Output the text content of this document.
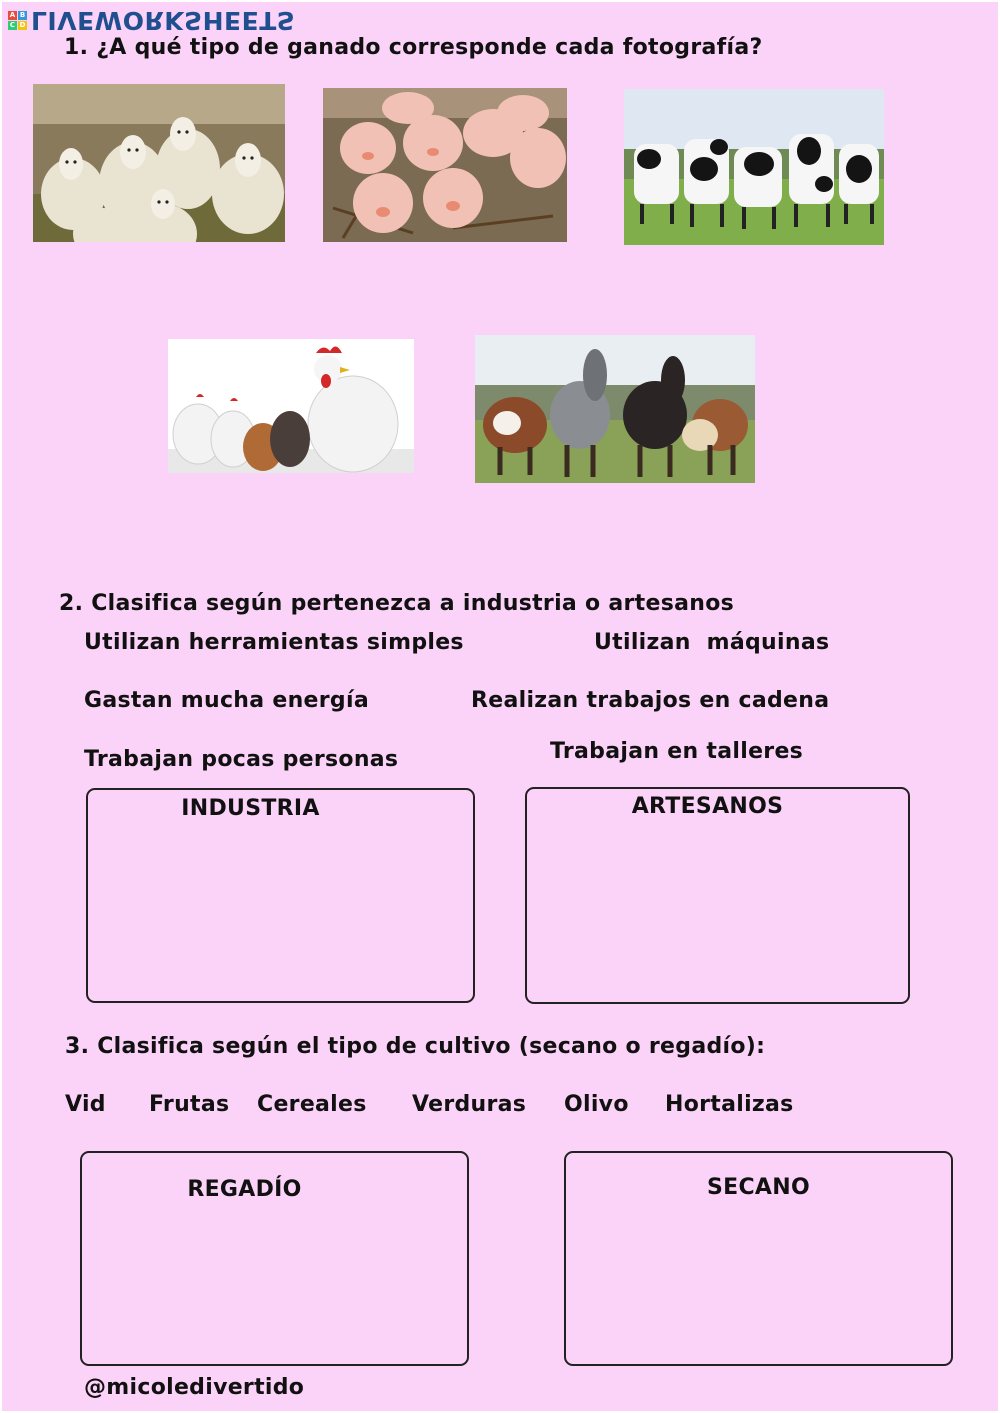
A B
C D LIVEWORKSHEETS
1. ¿A qué tipo de ganado corresponde cada fotografía?
2. Clasifica según pertenezca a industria o artesanos
Utilizan herramientas simples	Utilizan  máquinas
Gastan mucha energía	Realizan trabajos en cadena
Trabajan pocas personas	Trabajan en talleres
INDUSTRIA	ARTESANOS
3. Clasifica según el tipo de cultivo (secano o regadío):
Vid Frutas Cereales Verduras Olivo Hortalizas
REGADÍO	SECANO
@micoledivertido
